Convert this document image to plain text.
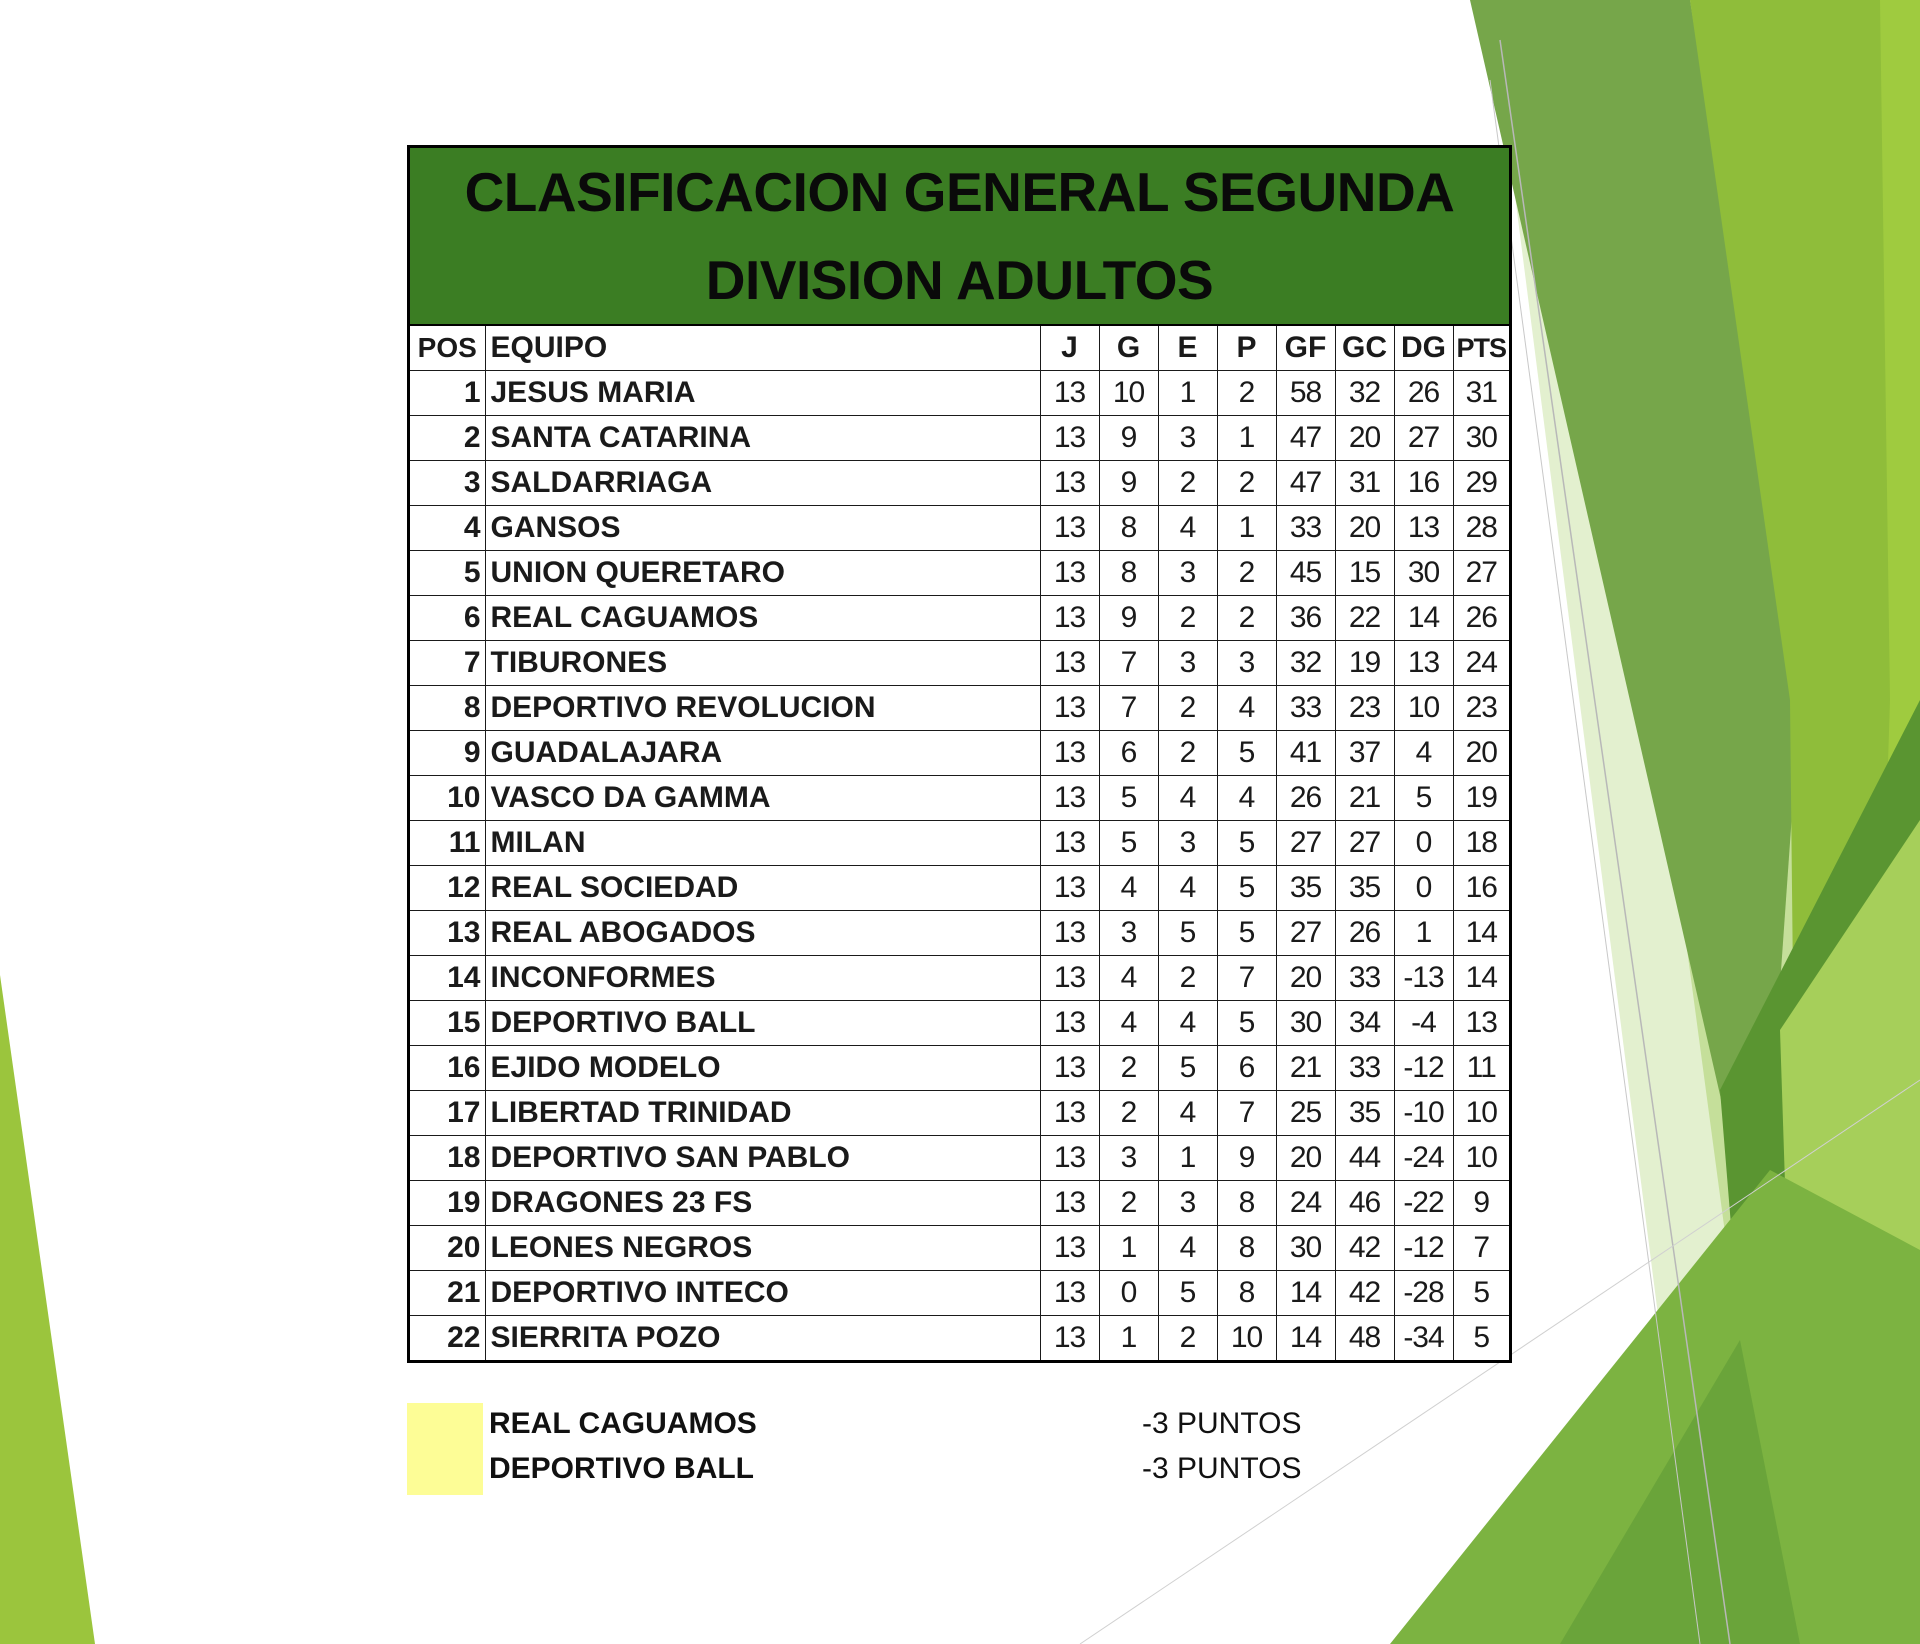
CLASIFICACION GENERAL SEGUNDA
DIVISION ADULTOS
POS	EQUIPO	J	G	E	P	GF	GC	DG	PTS
1	JESUS MARIA	13	10	1	2	58	32	26	31
2	SANTA CATARINA	13	9	3	1	47	20	27	30
3	SALDARRIAGA	13	9	2	2	47	31	16	29
4	GANSOS	13	8	4	1	33	20	13	28
5	UNION QUERETARO	13	8	3	2	45	15	30	27
6	REAL CAGUAMOS	13	9	2	2	36	22	14	26
7	TIBURONES	13	7	3	3	32	19	13	24
8	DEPORTIVO REVOLUCION	13	7	2	4	33	23	10	23
9	GUADALAJARA	13	6	2	5	41	37	4	20
10	VASCO DA GAMMA	13	5	4	4	26	21	5	19
11	MILAN	13	5	3	5	27	27	0	18
12	REAL SOCIEDAD	13	4	4	5	35	35	0	16
13	REAL ABOGADOS	13	3	5	5	27	26	1	14
14	INCONFORMES	13	4	2	7	20	33	-13	14
15	DEPORTIVO BALL	13	4	4	5	30	34	-4	13
16	EJIDO MODELO	13	2	5	6	21	33	-12	11
17	LIBERTAD TRINIDAD	13	2	4	7	25	35	-10	10
18	DEPORTIVO SAN PABLO	13	3	1	9	20	44	-24	10
19	DRAGONES 23 FS	13	2	3	8	24	46	-22	9
20	LEONES NEGROS	13	1	4	8	30	42	-12	7
21	DEPORTIVO INTECO	13	0	5	8	14	42	-28	5
22	SIERRITA POZO	13	1	2	10	14	48	-34	5
REAL CAGUAMOS	-3 PUNTOS
DEPORTIVO BALL	-3 PUNTOS
